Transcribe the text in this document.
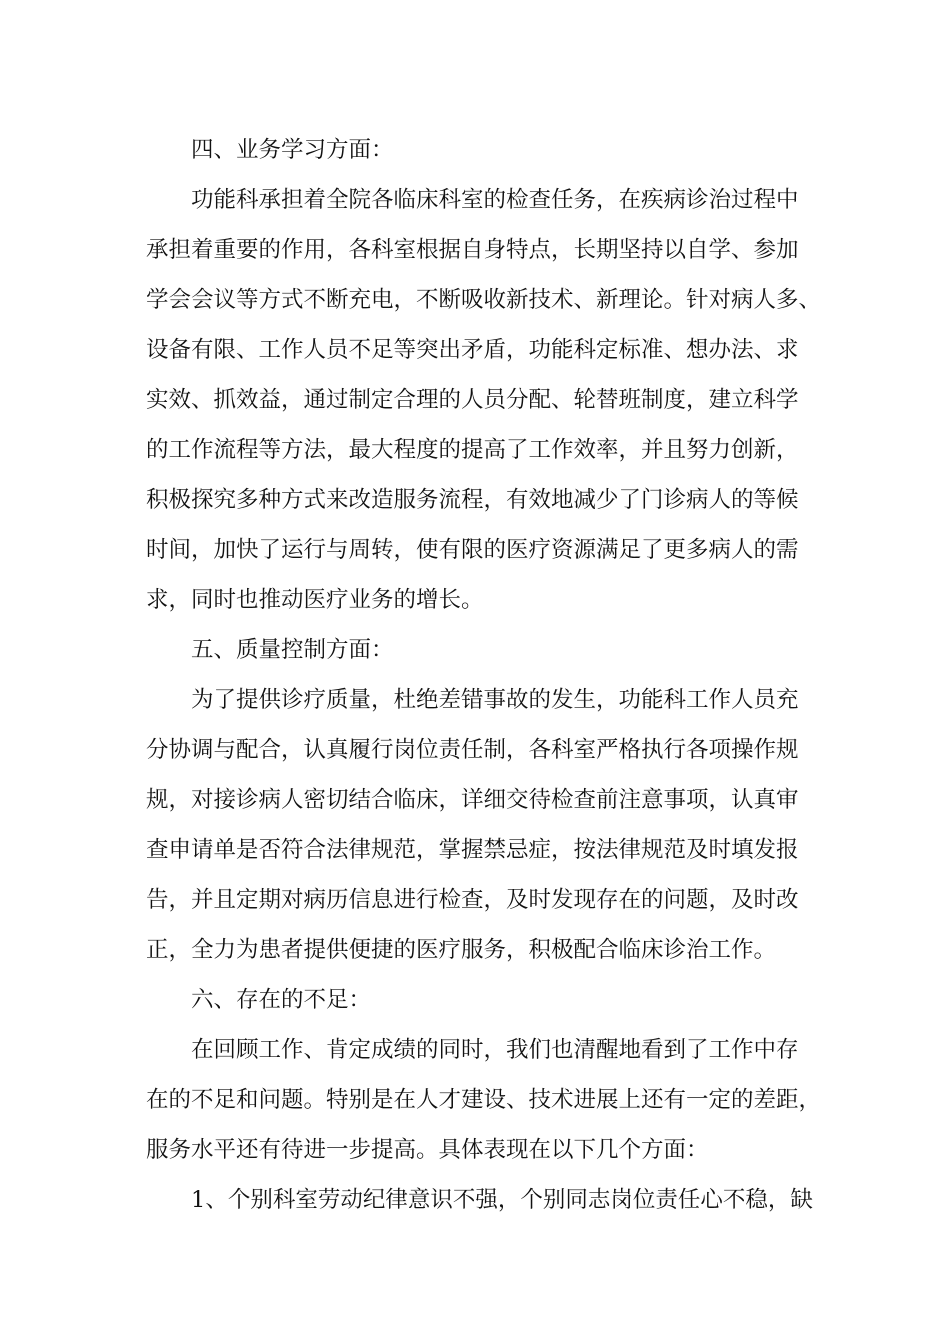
四、业务学习方面：
功能科承担着全院各临床科室的检查任务，在疾病诊治过程中
承担着重要的作用，各科室根据自身特点，长期坚持以自学、参加
学会会议等方式不断充电，不断吸收新技术、新理论。针对病人多、
设备有限、工作人员不足等突出矛盾，功能科定标准、想办法、求
实效、抓效益，通过制定合理的人员分配、轮替班制度，建立科学
的工作流程等方法，最大程度的提高了工作效率，并且努力创新，
积极探究多种方式来改造服务流程，有效地减少了门诊病人的等候
时间，加快了运行与周转，使有限的医疗资源满足了更多病人的需
求，同时也推动医疗业务的增长。
五、质量控制方面：
为了提供诊疗质量，杜绝差错事故的发生，功能科工作人员充
分协调与配合，认真履行岗位责任制，各科室严格执行各项操作规
规，对接诊病人密切结合临床，详细交待检查前注意事项，认真审
查申请单是否符合法律规范，掌握禁忌症，按法律规范及时填发报
告，并且定期对病历信息进行检查，及时发现存在的问题，及时改
正，全力为患者提供便捷的医疗服务，积极配合临床诊治工作。
六、存在的不足：
在回顾工作、肯定成绩的同时，我们也清醒地看到了工作中存
在的不足和问题。特别是在人才建设、技术进展上还有一定的差距，
服务水平还有待进一步提高。具体表现在以下几个方面：
1、个别科室劳动纪律意识不强，个别同志岗位责任心不稳，缺
